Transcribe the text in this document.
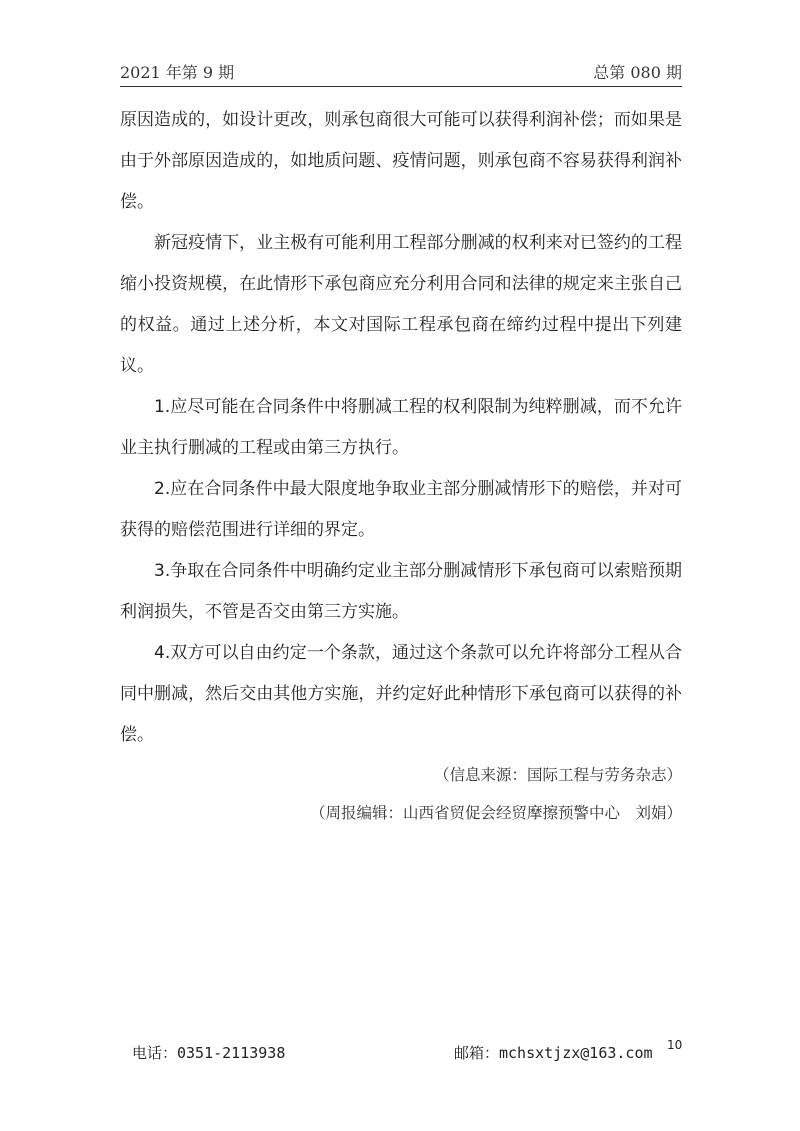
2021 年第 9 期	总第 080 期

原因造成的，如设计更改，则承包商很大可能可以获得利润补偿；而如果是由于外部原因造成的，如地质问题、疫情问题，则承包商不容易获得利润补偿。

新冠疫情下，业主极有可能利用工程部分删减的权利来对已签约的工程缩小投资规模，在此情形下承包商应充分利用合同和法律的规定来主张自己的权益。通过上述分析，本文对国际工程承包商在缔约过程中提出下列建议。

1.应尽可能在合同条件中将删减工程的权利限制为纯粹删减，而不允许业主执行删减的工程或由第三方执行。

2.应在合同条件中最大限度地争取业主部分删减情形下的赔偿，并对可获得的赔偿范围进行详细的界定。

3.争取在合同条件中明确约定业主部分删减情形下承包商可以索赔预期利润损失，不管是否交由第三方实施。

4.双方可以自由约定一个条款，通过这个条款可以允许将部分工程从合同中删减，然后交由其他方实施，并约定好此种情形下承包商可以获得的补偿。

（信息来源：国际工程与劳务杂志）

（周报编辑：山西省贸促会经贸摩擦预警中心　刘娟）

电话：0351-2113938	邮箱：mchsxtjzx@163.com 10
